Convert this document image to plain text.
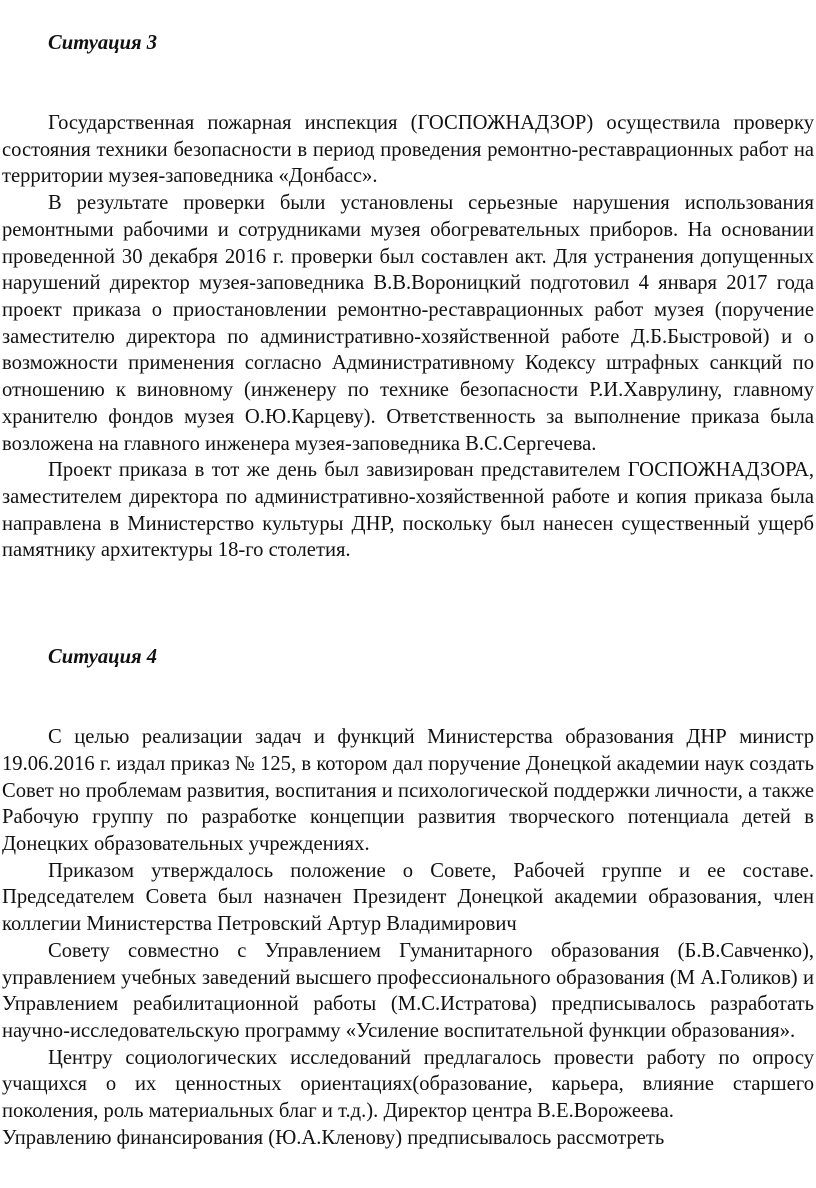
Ситуация 3

Государственная пожарная инспекция (ГОСПОЖНАДЗОР) осуществила проверку состояния техники безопасности в период проведения ремонтно-реставрационных работ на территории музея-заповедника «Донбасс».

В результате проверки были установлены серьезные нарушения использования ремонтными рабочими и сотрудниками музея обогревательных приборов. На основании проведенной 30 декабря 2016 г. проверки был составлен акт. Для устранения допущенных нарушений директор музея-заповедника В.В.Вороницкий подготовил 4 января 2017 года проект приказа о приостановлении ремонтно-реставрационных работ музея (поручение заместителю директора по административно-хозяйственной работе Д.Б.Быстровой) и о возможности применения согласно Административному Кодексу штрафных санкций по отношению к виновному (инженеру по технике безопасности Р.И.Хаврулину, главному хранителю фондов музея О.Ю.Карцеву). Ответственность за выполнение приказа была возложена на главного инженера музея-заповедника В.С.Сергечева.

Проект приказа в тот же день был завизирован представителем ГОСПОЖНАДЗОРА, заместителем директора по административно-хозяйственной работе и копия приказа была направлена в Министерство культуры ДНР, поскольку был нанесен существенный ущерб памятнику архитектуры 18-го столетия.

Ситуация 4

С целью реализации задач и функций Министерства образования ДНР министр 19.06.2016 г. издал приказ № 125, в котором дал поручение Донецкой академии наук создать Совет но проблемам развития, воспитания и психологической поддержки личности, а также Рабочую группу по разработке концепции развития творческого потенциала детей в Донецких образовательных учреждениях.

Приказом утверждалось положение о Совете, Рабочей группе и ее составе. Председателем Совета был назначен Президент Донецкой академии образования, член коллегии Министерства Петровский Артур Владимирович

Совету совместно с Управлением Гуманитарного образования (Б.В.Савченко), управлением учебных заведений высшего профессионального образования (М А.Голиков) и Управлением реабилитационной работы (М.С.Истратова) предписывалось разработать научно-исследовательскую программу «Усиление воспитательной функции образования».

Центру социологических исследований предлагалось провести работу по опросу учащихся о их ценностных ориентациях(образование, карьера, влияние старшего поколения, роль материальных благ и т.д.). Директор центра В.Е.Ворожеева.

Управлению финансирования (Ю.А.Кленову) предписывалось рассмотреть
